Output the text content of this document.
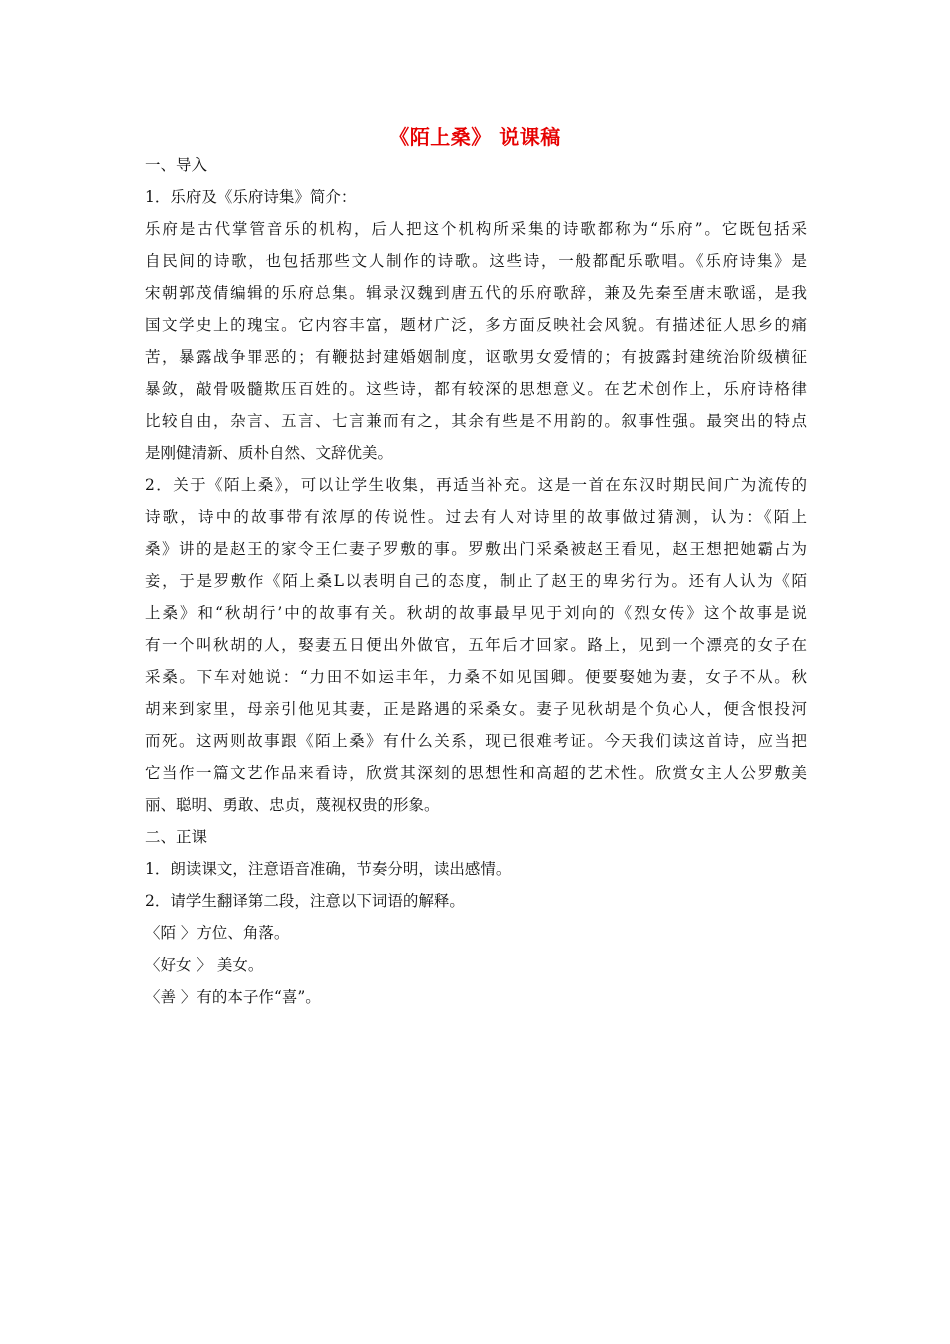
《陌上桑》 说课稿
一、导入
1．乐府及《乐府诗集》简介：
乐府是古代掌管音乐的机构，后人把这个机构所采集的诗歌都称为“乐府”。它既包括采
自民间的诗歌，也包括那些文人制作的诗歌。这些诗，一般都配乐歌唱。《乐府诗集》是
宋朝郭茂倩编辑的乐府总集。辑录汉魏到唐五代的乐府歌辞，兼及先秦至唐末歌谣，是我
国文学史上的瑰宝。它内容丰富，题材广泛，多方面反映社会风貌。有描述征人思乡的痛
苦，暴露战争罪恶的；有鞭挞封建婚姻制度，讴歌男女爱情的；有披露封建统治阶级横征
暴敛，敲骨吸髓欺压百姓的。这些诗，都有较深的思想意义。在艺术创作上，乐府诗格律
比较自由，杂言、五言、七言兼而有之，其余有些是不用韵的。叙事性强。最突出的特点
是刚健清新、质朴自然、文辞优美。
2．关于《陌上桑》，可以让学生收集，再适当补充。这是一首在东汉时期民间广为流传的
诗歌，诗中的故事带有浓厚的传说性。过去有人对诗里的故事做过猜测，认为：《陌上
桑》讲的是赵王的家令王仁妻子罗敷的事。罗敷出门采桑被赵王看见，赵王想把她霸占为
妾，于是罗敷作《陌上桑L以表明自己的态度，制止了赵王的卑劣行为。还有人认为《陌
上桑》和“秋胡行’中的故事有关。秋胡的故事最早见于刘向的《烈女传》这个故事是说
有一个叫秋胡的人，娶妻五日便出外做官，五年后才回家。路上，见到一个漂亮的女子在
采桑。下车对她说：“力田不如运丰年，力桑不如见国卿。便要娶她为妻，女子不从。秋
胡来到家里，母亲引他见其妻，正是路遇的采桑女。妻子见秋胡是个负心人，便含恨投河
而死。这两则故事跟《陌上桑》有什么关系，现已很难考证。今天我们读这首诗，应当把
它当作一篇文艺作品来看诗，欣赏其深刻的思想性和高超的艺术性。欣赏女主人公罗敷美
丽、聪明、勇敢、忠贞，蔑视权贵的形象。
二、正课
1．朗读课文，注意语音准确，节奏分明，读出感情。
2．请学生翻译第二段，注意以下词语的解释。
〈陌 〉方位、角落。
〈好女 〉 美女。
〈善 〉有的本子作“喜”。
